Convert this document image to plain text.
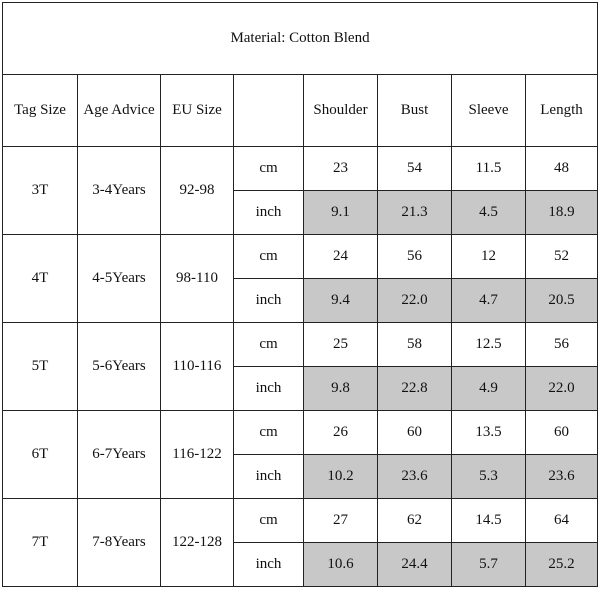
Material: Cotton Blend							
Tag Size	Age Advice	EU Size		Shoulder	Bust	Sleeve	Length
3T	3-4Years	92-98	cm	23	54	11.5	48
			inch	9.1	21.3	4.5	18.9
4T	4-5Years	98-110	cm	24	56	12	52
			inch	9.4	22.0	4.7	20.5
5T	5-6Years	110-116	cm	25	58	12.5	56
			inch	9.8	22.8	4.9	22.0
6T	6-7Years	116-122	cm	26	60	13.5	60
			inch	10.2	23.6	5.3	23.6
7T	7-8Years	122-128	cm	27	62	14.5	64
			inch	10.6	24.4	5.7	25.2
